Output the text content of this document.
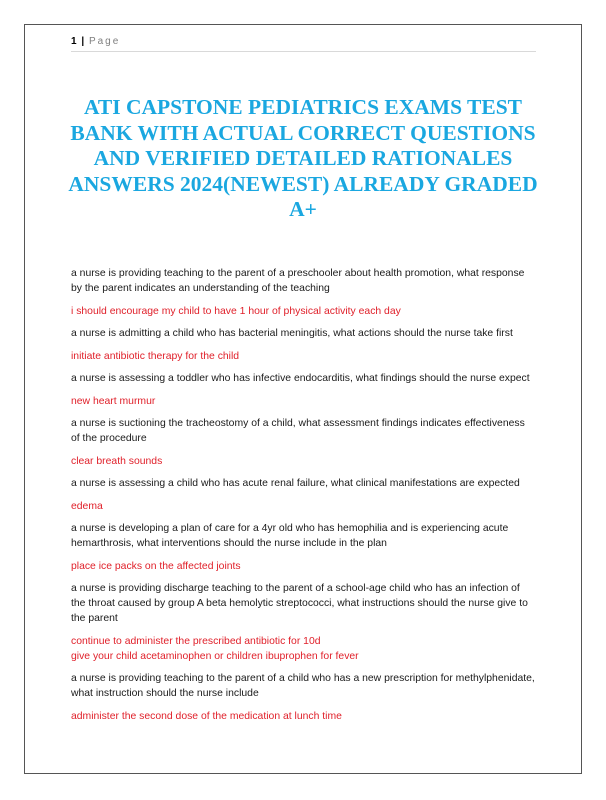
1 | Page
ATI CAPSTONE PEDIATRICS EXAMS TEST BANK WITH ACTUAL CORRECT QUESTIONS AND VERIFIED DETAILED RATIONALES ANSWERS 2024(NEWEST) ALREADY GRADED A+

a nurse is providing teaching to the parent of a preschooler about health promotion, what response by the parent indicates an understanding of the teaching

i should encourage my child to have 1 hour of physical activity each day

a nurse is admitting a child who has bacterial meningitis, what actions should the nurse take first

initiate antibiotic therapy for the child

a nurse is assessing a toddler who has infective endocarditis, what findings should the nurse expect

new heart murmur

a nurse is suctioning the tracheostomy of a child, what assessment findings indicates effectiveness of the procedure

clear breath sounds

a nurse is assessing a child who has acute renal failure, what clinical manifestations are expected

edema

a nurse is developing a plan of care for a 4yr old who has hemophilia and is experiencing acute hemarthrosis, what interventions should the nurse include in the plan

place ice packs on the affected joints

a nurse is providing discharge teaching to the parent of a school-age child who has an infection of the throat caused by group A beta hemolytic streptococci, what instructions should the nurse give to the parent

continue to administer the prescribed antibiotic for 10d

give your child acetaminophen or children ibuprophen for fever

a nurse is providing teaching to the parent of a child who has a new prescription for methylphenidate, what instruction should the nurse include

administer the second dose of the medication at lunch time
